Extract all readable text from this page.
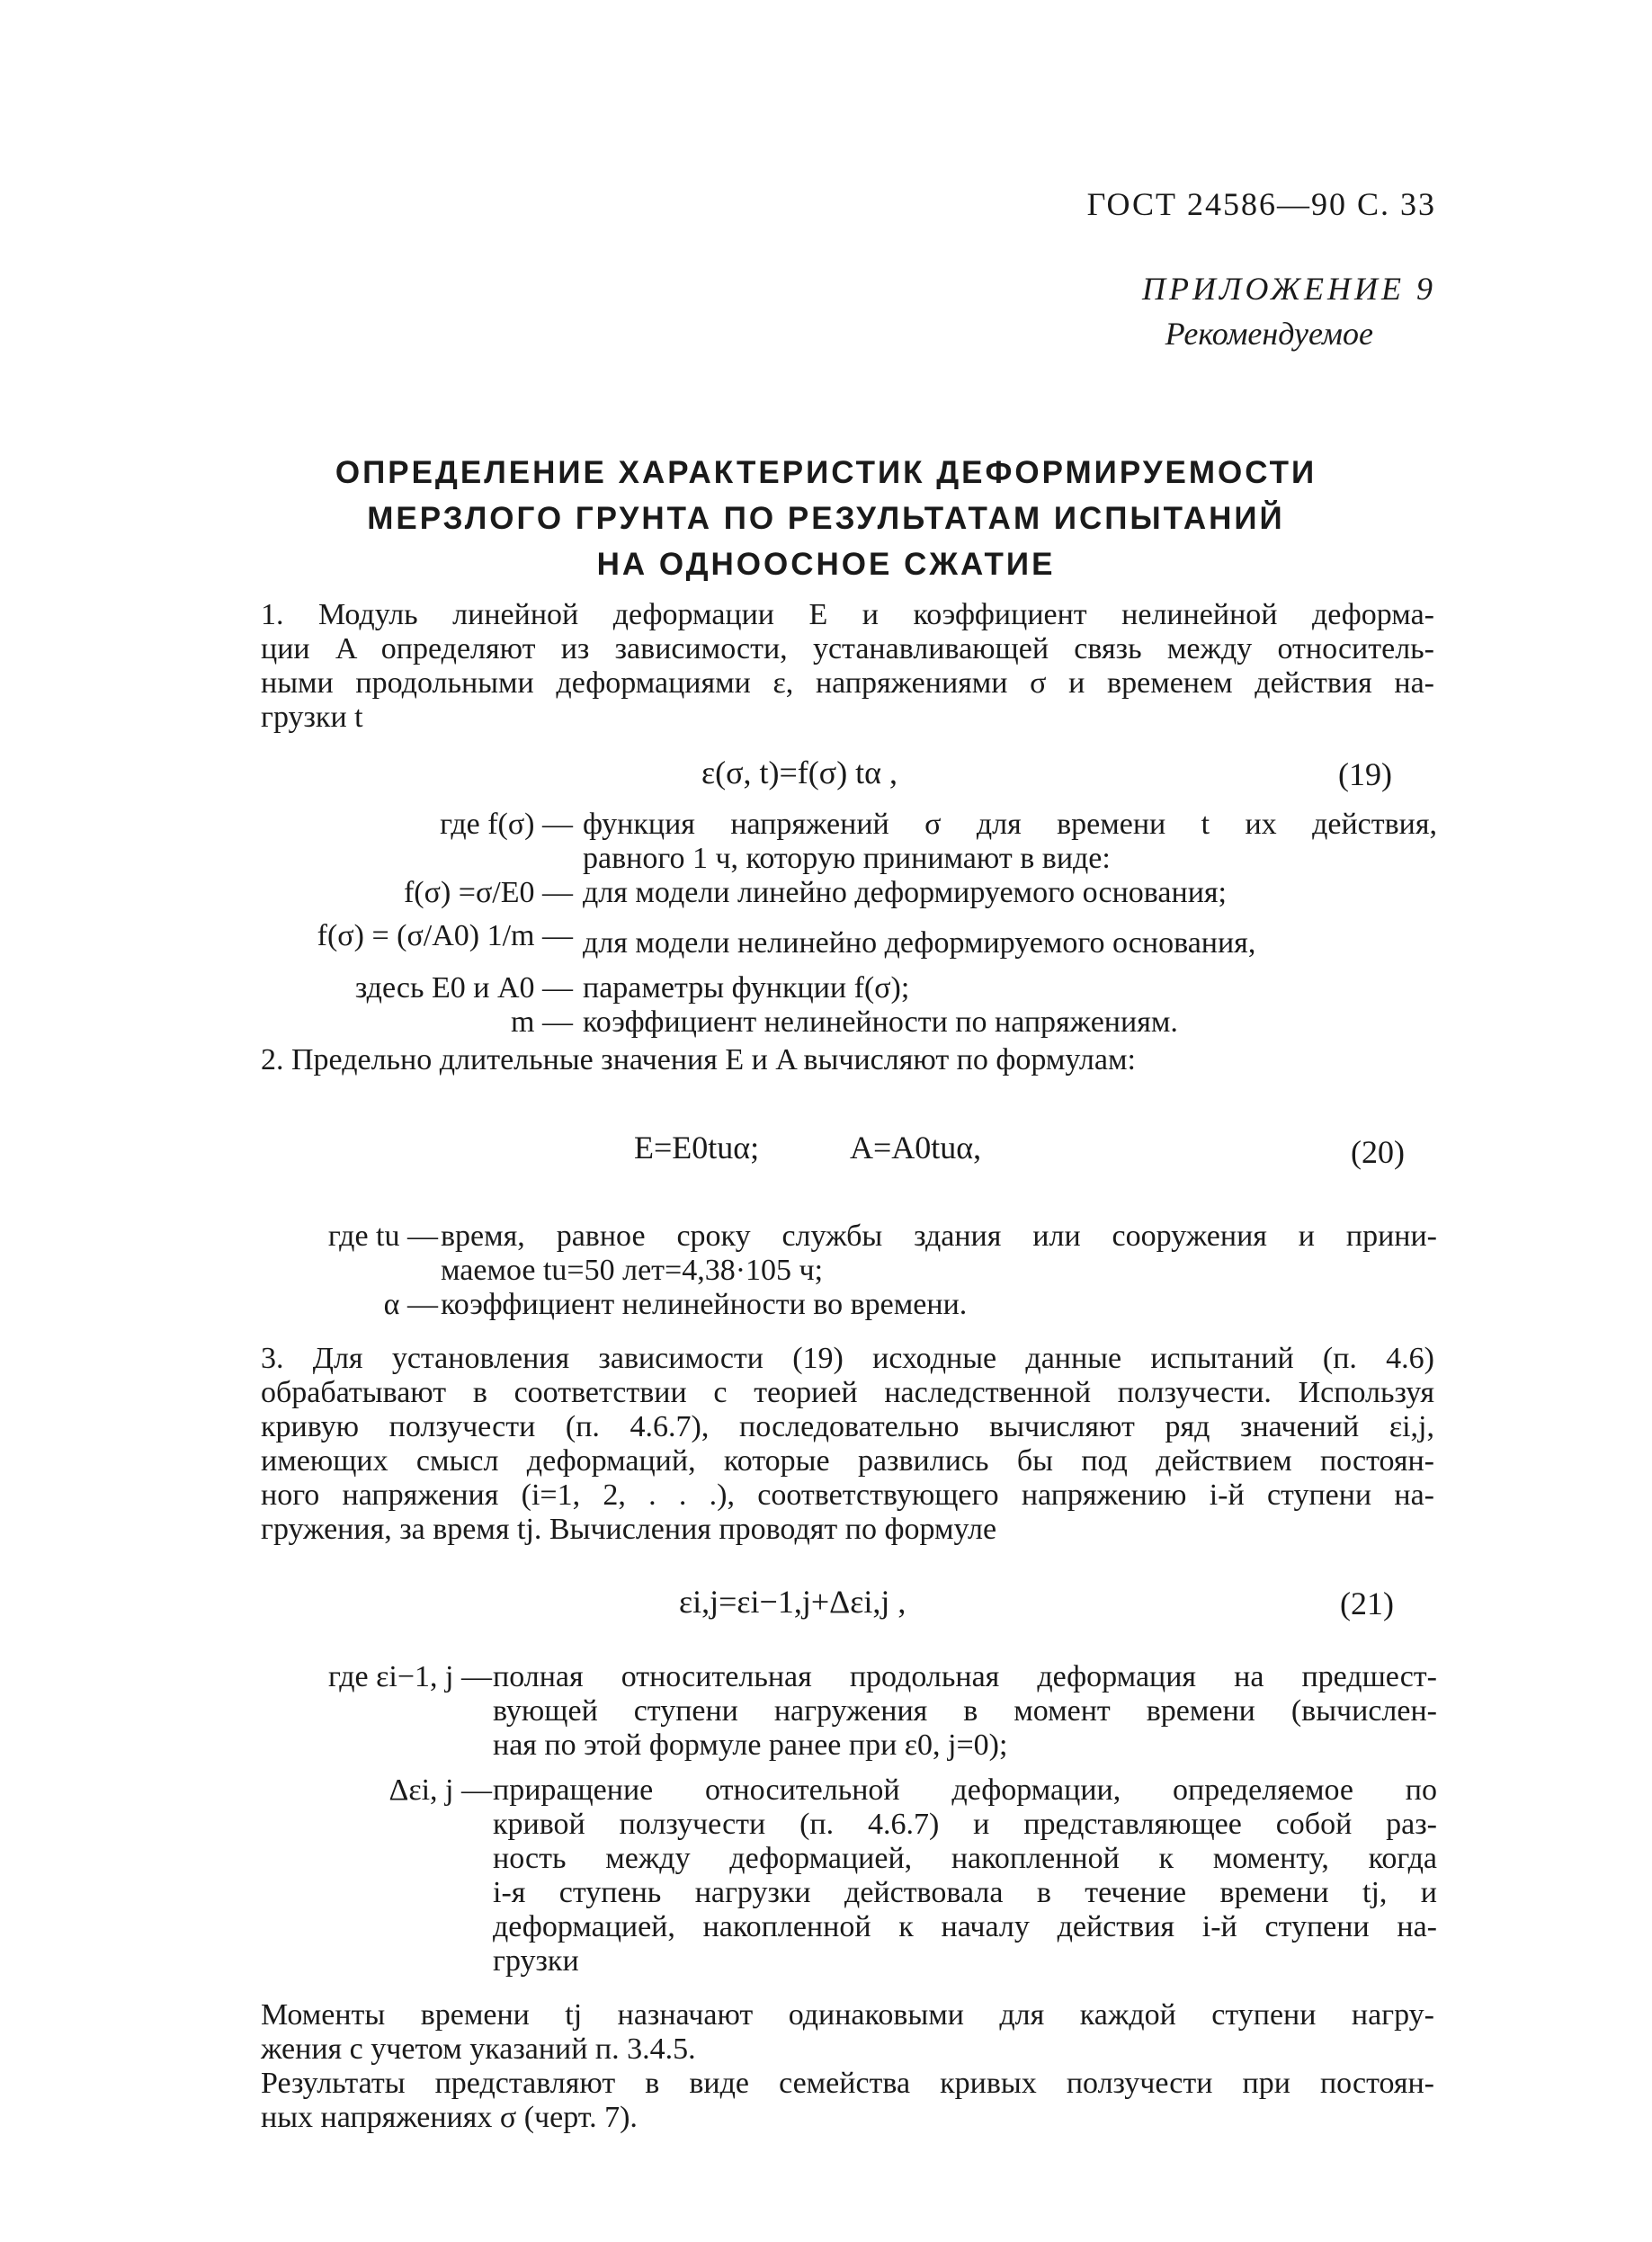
ГОСТ 24586—90 С. 33
ПРИЛОЖЕНИЕ 9
Рекомендуемое
ОПРЕДЕЛЕНИЕ ХАРАКТЕРИСТИК ДЕФОРМИРУЕМОСТИ
МЕРЗЛОГО ГРУНТА ПО РЕЗУЛЬТАТАМ ИСПЫТАНИЙ
НА ОДНООСНОЕ СЖАТИЕ
1. Модуль линейной деформации E и коэффициент нелинейной деформа-
ции A определяют из зависимости, устанавливающей связь между относитель-
ными продольными деформациями ε, напряжениями σ и временем действия на-
грузки t
ε(σ, t)=f(σ) tα ,	(19)
где f(σ) — функция напряжений σ для времени t их действия,
равного 1 ч, которую принимают в виде:
f(σ) =σ/E0 — для модели линейно деформируемого основания;
f(σ) = (σ/A0) 1/m — для модели нелинейно деформируемого основания,
здесь E0 и A0 — параметры функции f(σ);
m — коэффициент нелинейности по напряжениям.
2. Предельно длительные значения E и A вычисляют по формулам:
E=E0tuα;	A=A0tuα,	(20)
где tu — время, равное сроку службы здания или сооружения и прини-
маемое tu=50 лет=4,38·105 ч;
α — коэффициент нелинейности во времени.
3. Для установления зависимости (19) исходные данные испытаний (п. 4.6)
обрабатывают в соответствии с теорией наследственной ползучести. Используя
кривую ползучести (п. 4.6.7), последовательно вычисляют ряд значений εi,j,
имеющих смысл деформаций, которые развились бы под действием постоян-
ного напряжения (i=1, 2, . . .), соответствующего напряжению i-й ступени на-
гружения, за время tj. Вычисления проводят по формуле
εi,j=εi−1,j+Δεi,j ,	(21)
где εi−1, j — полная относительная продольная деформация на предшест-
вующей ступени нагружения в момент времени (вычислен-
ная по этой формуле ранее при ε0, j=0);
Δεi, j — приращение относительной деформации, определяемое по
кривой ползучести (п. 4.6.7) и представляющее собой раз-
ность между деформацией, накопленной к моменту, когда
i-я ступень нагрузки действовала в течение времени tj, и
деформацией, накопленной к началу действия i-й ступени на-
грузки
Моменты времени tj назначают одинаковыми для каждой ступени нагру-
жения с учетом указаний п. 3.4.5.
Результаты представляют в виде семейства кривых ползучести при постоян-
ных напряжениях σ (черт. 7).
